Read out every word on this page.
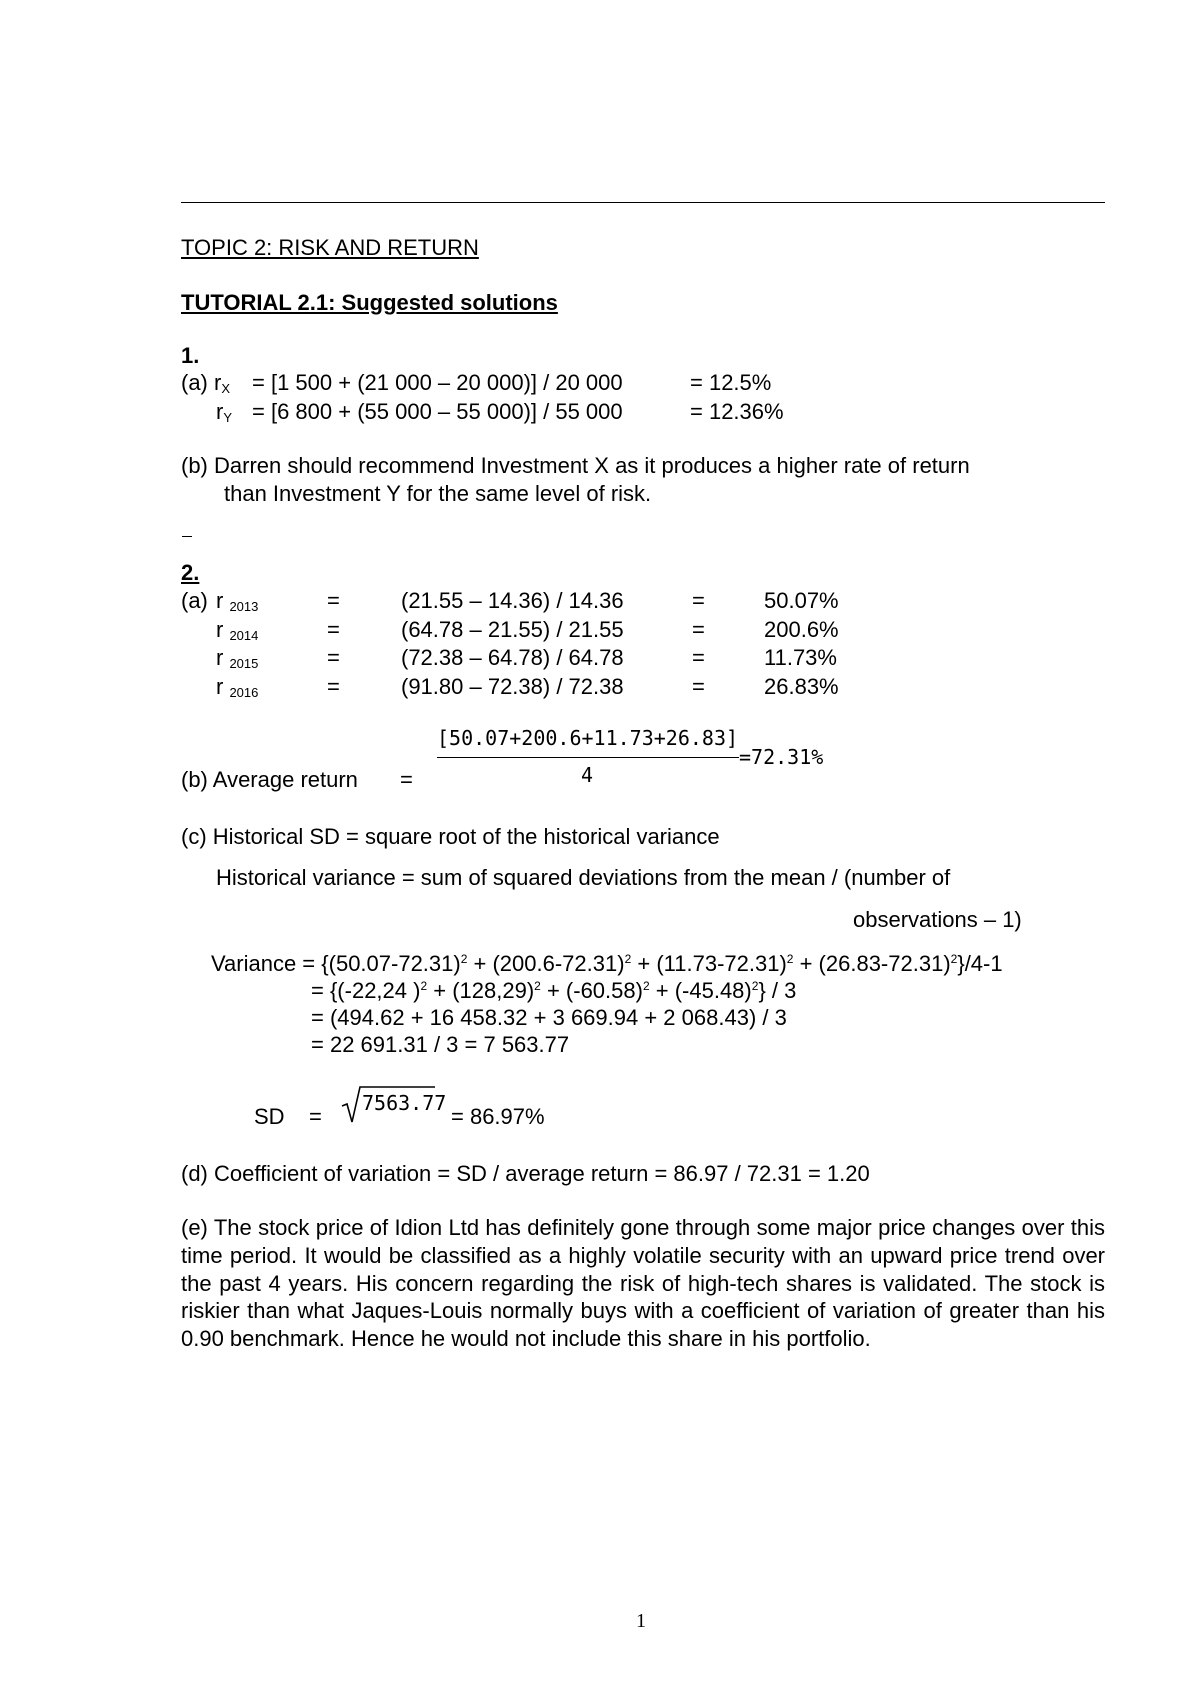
TOPIC 2: RISK AND RETURN
TUTORIAL 2.1: Suggested solutions
1.
(a) $r_X = [1$ 500 + (21 000 – 20 000)] / 20 000	= 12.5%
$r_Y = [6$ 800 + (55 000 – 55 000)] / 55 000	= 12.36%
(b) Darren should recommend Investment X as it produces a higher rate of return
than Investment Y for the same level of risk.
2.
(a) r $_{2013}$	=	(21.55 – 14.36) / 14.36	=	50.07%
r $_{2014}$	=	(64.78 – 21.55) / 21.55	=	200.6%
r $_{2015}$	=	(72.38 – 64.78) / 64.78	=	11.73%
r $_{2016}$	=	(91.80 – 72.38) / 72.38	=	26.83%
[50.07+200.6+11.73+26.83]
4
=72.31%
(b) Average return =
(c) Historical SD = square root of the historical variance
Historical variance = sum of squared deviations from the mean / (number of
observations – 1)
Variance = $\{(50.07-72.31)^2 + (200.6-72.31)^2 + (11.73-72.31)^2 + (26.83-72.31)^2\}/4-1$
= {(-22,24 )$^2 + (128,29)^2 + (-60.58)^2 + (-45.48)^2\} / 3$
= (494.62 + 16 458.32 + 3 669.94 + 2 068.43) / 3
= 22 691.31 / 3 = 7 563.77
SD =
7563.77
= 86.97%
(d) Coefficient of variation = SD / average return = 86.97 / 72.31 = 1.20
(e) The stock price of Idion Ltd has definitely gone through some major price changes over this time period. It would be classified as a highly volatile security with an upward price trend over the past 4 years. His concern regarding the risk of high-tech shares is validated. The stock is riskier than what Jaques-Louis normally buys with a coefficient of variation of greater than his 0.90 benchmark. Hence he would not include this share in his portfolio.
1
